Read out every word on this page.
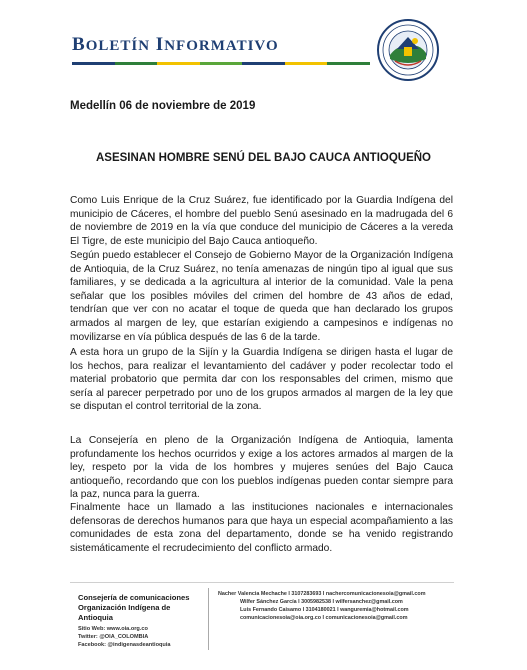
BOLETÍN INFORMATIVO
Medellín 06 de noviembre de 2019
ASESINAN HOMBRE SENÚ DEL BAJO CAUCA ANTIOQUEÑO

Como Luis Enrique de la Cruz Suárez, fue identificado por la Guardia Indígena del municipio de Cáceres, el hombre del pueblo Senú asesinado en la madrugada del 6 de noviembre de 2019 en la vía que conduce del municipio de Cáceres a la vereda El Tigre, de este municipio del Bajo Cauca antioqueño.

Según puedo establecer el Consejo de Gobierno Mayor de la Organización Indígena de Antioquia, de la Cruz Suárez, no tenía amenazas de ningún tipo al igual que sus familiares, y se dedicada a la agricultura al interior de la comunidad. Vale la pena señalar que los posibles móviles del crimen del hombre de 43 años de edad, tendrían que ver con no acatar el toque de queda que han declarado los grupos armados al margen de ley, que estarían exigiendo a campesinos e indígenas no movilizarse en vía pública después de las 6 de la tarde.

A esta hora un grupo de la Sijín y la Guardia Indígena se dirigen hasta el lugar de los hechos, para realizar el levantamiento del cadáver y poder recolectar todo el material probatorio que permita dar con los responsables del crimen, mismo que sería al parecer perpetrado por uno de los grupos armados al margen de la ley que se disputan el control territorial de la zona.

La Consejería en pleno de la Organización Indígena de Antioquia, lamenta profundamente los hechos ocurridos y exige a los actores armados al margen de la ley, respeto por la vida de los hombres y mujeres senúes del Bajo Cauca antioqueño, recordando que con los pueblos indígenas pueden contar siempre para la paz, nunca para la guerra.

Finalmente hace un llamado a las instituciones nacionales e internacionales defensoras de derechos humanos para que haya un especial acompañamiento a las comunidades de esta zona del departamento, donde se ha venido registrando sistemáticamente el recrudecimiento del conflicto armado.

Consejería de comunicaciones
Organización Indígena de Antioquia
Sitio Web: www.oia.org.co
Twitter: @OIA_COLOMBIA
Facebook: @indigenasdeantioquia
Nacher Valencia Mechache I 3107283693 I nachercomunicacionesoia@gmail.com
Wilfer Sánchez García I 3005982538 I wilfersanchez@gmail.com
Luis Fernando Caisamo I 3104180021 I wanguremia@hotmail.com
comunicacionesoia@oia.org.co I comunicacionesoia@gmail.com
